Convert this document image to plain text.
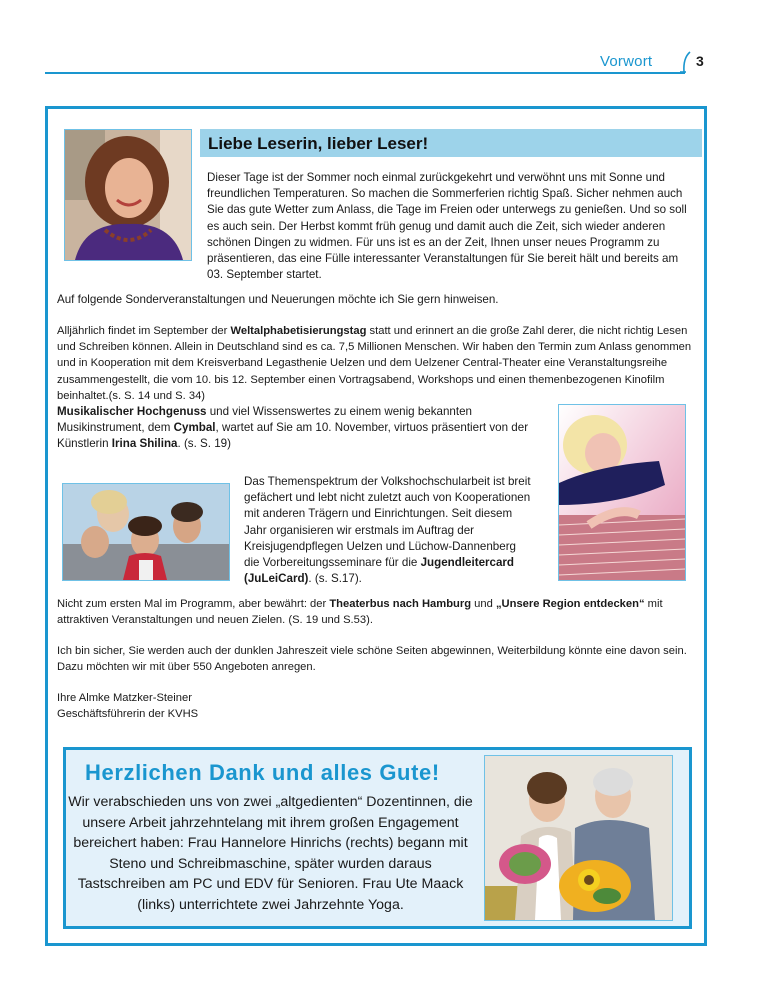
Vorwort	3
Liebe Leserin, lieber Leser!
Dieser Tage ist der Sommer noch einmal zurückgekehrt und verwöhnt uns mit Sonne und freundlichen Temperaturen. So machen die Sommerferien richtig Spaß. Sicher nehmen auch Sie das gute Wetter zum Anlass, die Tage im Freien oder unterwegs zu genießen. Und so soll es auch sein. Der Herbst kommt früh genug und damit auch die Zeit, sich wieder anderen schönen Dingen zu widmen. Für uns ist es an der Zeit, Ihnen unser neues Programm zu präsentieren, das eine Fülle interessanter Veranstaltungen für Sie bereit hält und bereits am 03. September startet.
Auf folgende Sonderveranstaltungen und Neuerungen möchte ich Sie gern hinweisen.
Alljährlich findet im September der Weltalphabetisierungstag statt und erinnert an die große Zahl derer, die nicht richtig Lesen und Schreiben können. Allein in Deutschland sind es ca. 7,5 Millionen Menschen. Wir haben den Termin zum Anlass genommen und in Kooperation mit dem Kreisverband Legasthenie Uelzen und dem Uelzener Central-Theater eine Veranstaltungsreihe zusammengestellt, die vom 10. bis 12. September einen Vortragsabend, Workshops und einen themenbezogenen Kinofilm beinhaltet.(s. S. 14 und S. 34)
Musikalischer Hochgenuss und viel Wissenswertes zu einem wenig bekannten Musikinstrument, dem Cymbal, wartet auf Sie am 10. November, virtuos präsentiert von der Künstlerin Irina Shilina. (s. S. 19)
Das Themenspektrum der Volkshochschularbeit ist breit gefächert und lebt nicht zuletzt auch von Kooperationen mit anderen Trägern und Einrichtungen. Seit diesem Jahr organisieren wir erstmals im Auftrag der Kreisjugendpflegen Uelzen und Lüchow-Dannenberg die Vorbereitungsseminare für die Jugendleitercard (JuLeiCard). (s. S.17).
Nicht zum ersten Mal im Programm, aber bewährt: der Theaterbus nach Hamburg und „Unsere Region entdecken“ mit attraktiven Veranstaltungen und neuen Zielen. (S. 19 und S.53).
Ich bin sicher, Sie werden auch der dunklen Jahreszeit viele schöne Seiten abgewinnen, Weiterbildung könnte eine davon sein. Dazu möchten wir mit über 550 Angeboten anregen.
Ihre Almke Matzker-Steiner
Geschäftsführerin der KVHS
Herzlichen Dank und alles Gute!
Wir verabschieden uns von zwei „altgedienten“ Dozentinnen, die unsere Arbeit jahrzehntelang mit ihrem großen Engagement bereichert haben: Frau Hannelore Hinrichs (rechts) begann mit Steno und Schreibmaschine, später wurden daraus Tastschreiben am PC und EDV für Senioren. Frau Ute Maack (links) unterrichtete zwei Jahrzehnte Yoga.
